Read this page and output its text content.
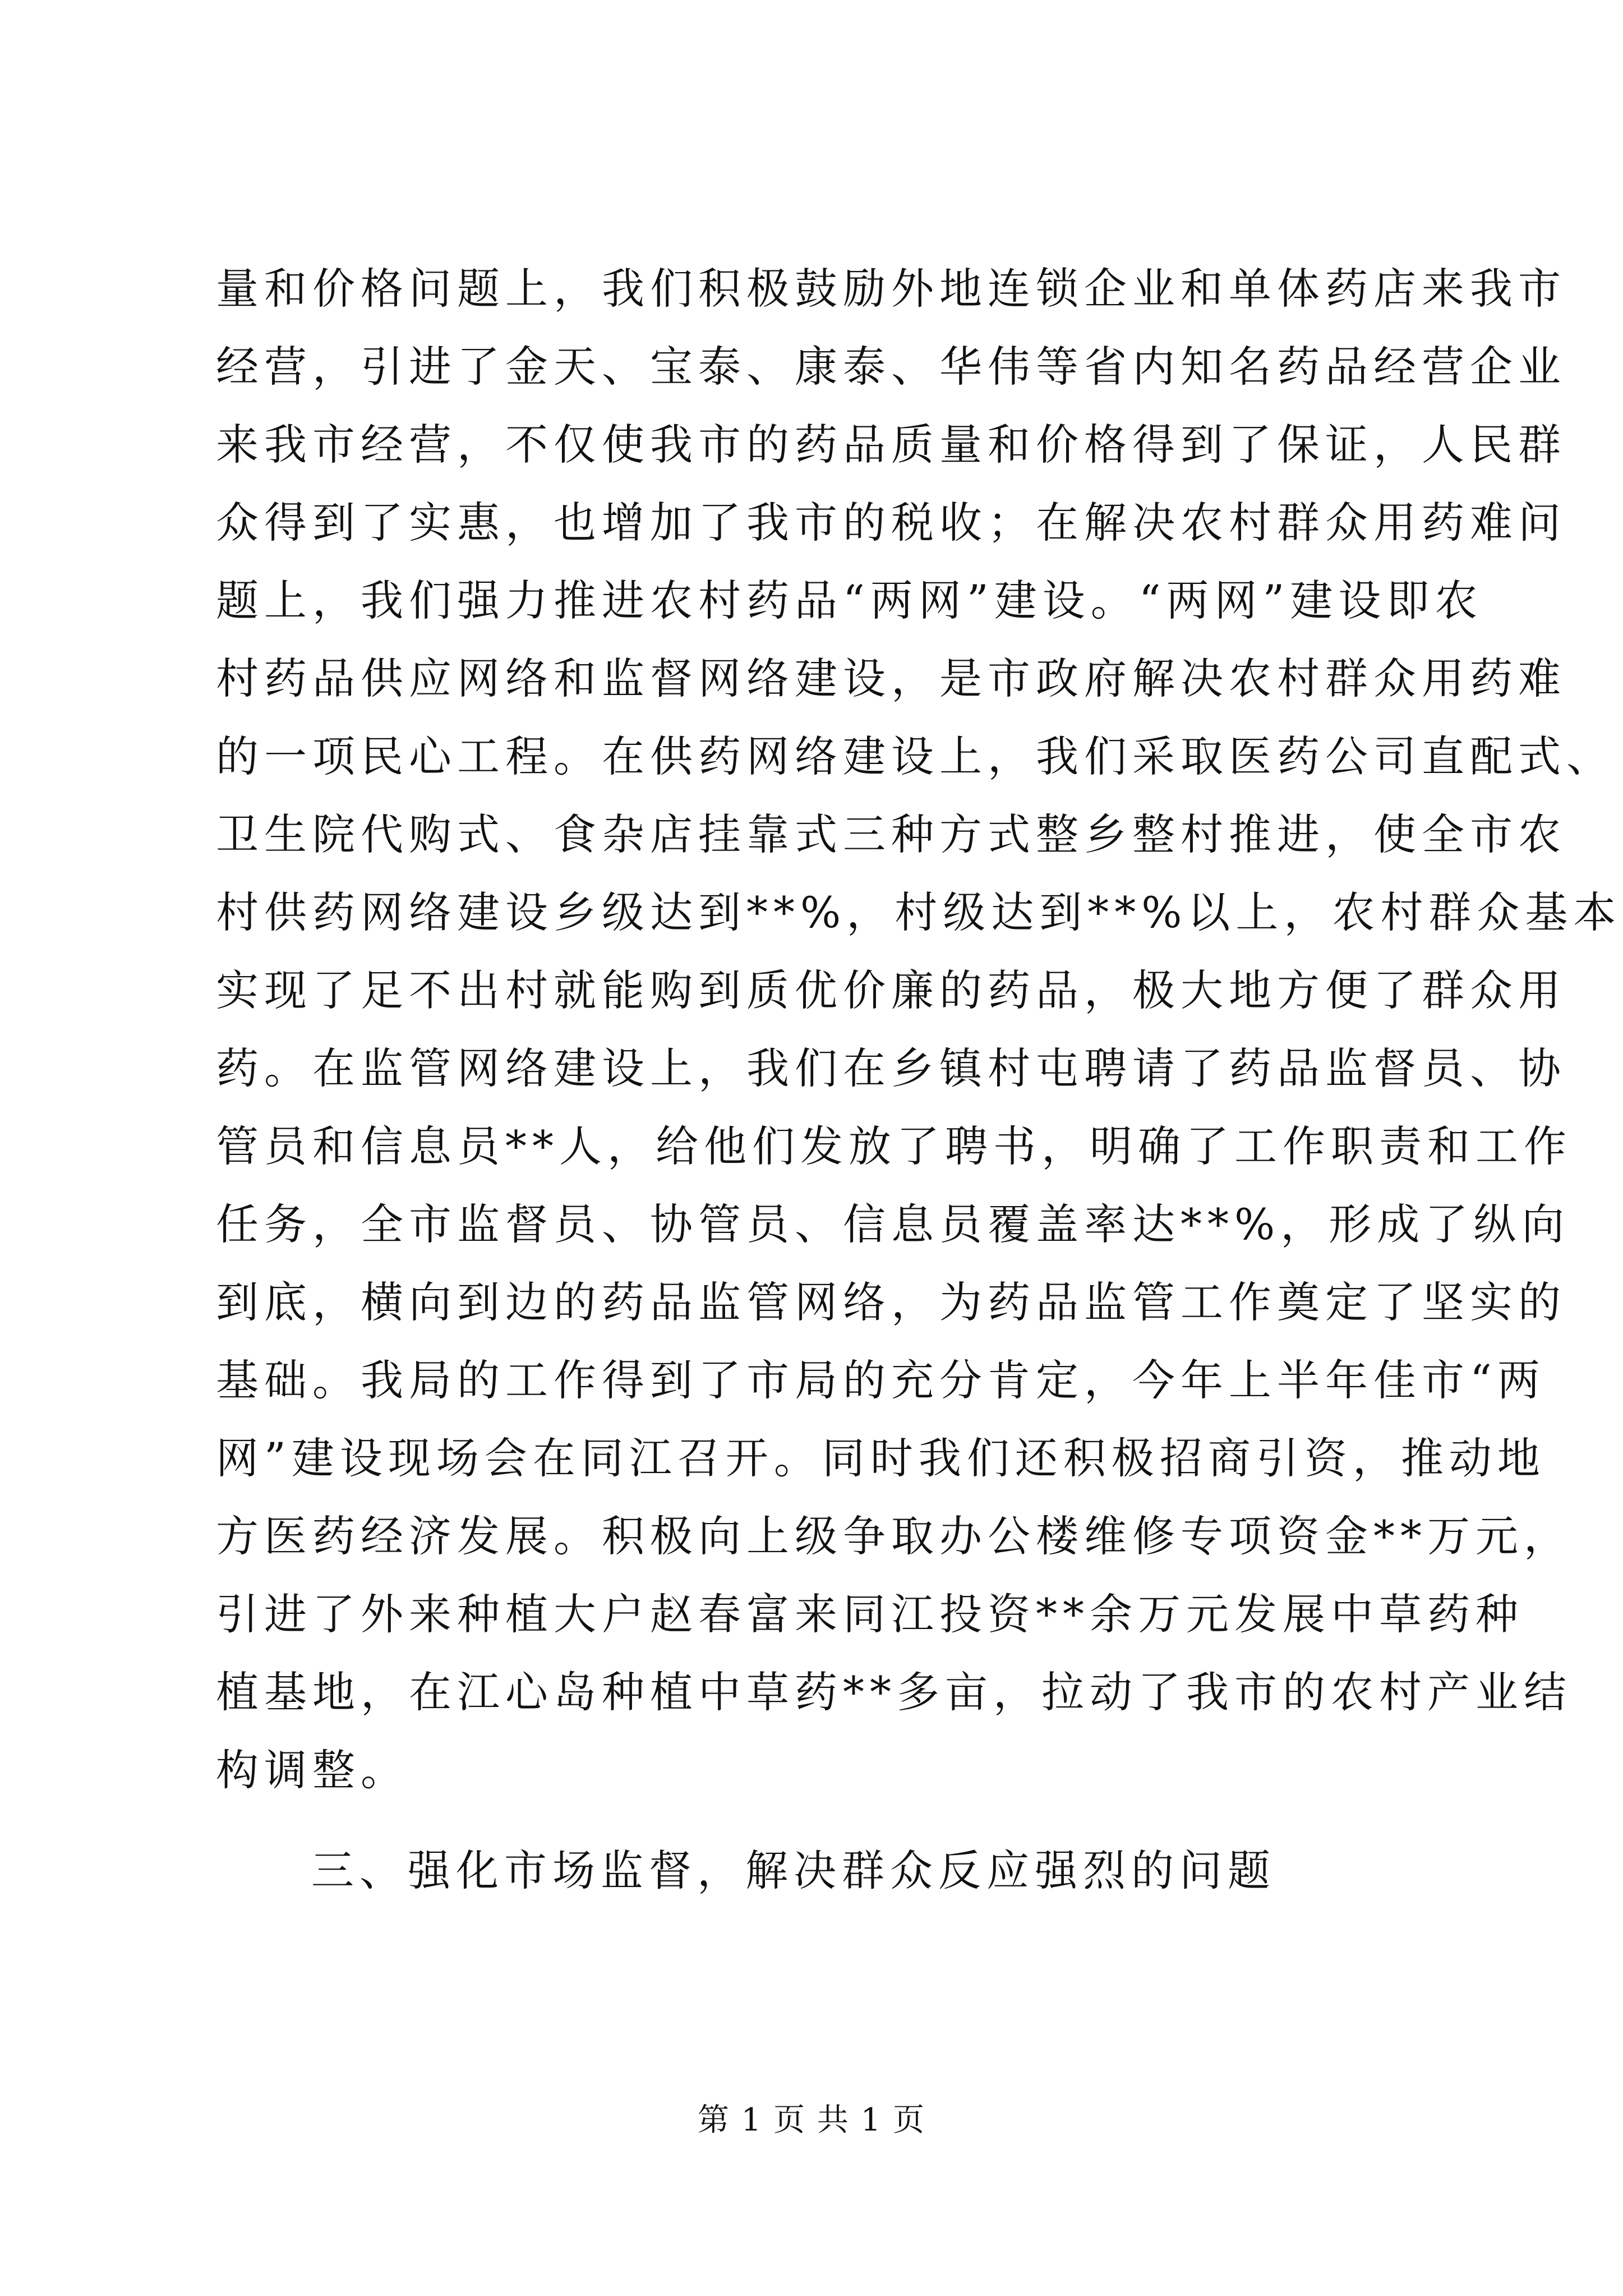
量和价格问题上，我们积极鼓励外地连锁企业和单体药店来我市
经营，引进了金天、宝泰、康泰、华伟等省内知名药品经营企业
来我市经营，不仅使我市的药品质量和价格得到了保证，人民群
众得到了实惠，也增加了我市的税收；在解决农村群众用药难问
题上，我们强力推进农村药品“两网”建设。“两网”建设即农
村药品供应网络和监督网络建设，是市政府解决农村群众用药难
的一项民心工程。在供药网络建设上，我们采取医药公司直配式、
卫生院代购式、食杂店挂靠式三种方式整乡整村推进，使全市农
村供药网络建设乡级达到**%，村级达到**%以上，农村群众基本
实现了足不出村就能购到质优价廉的药品，极大地方便了群众用
药。在监管网络建设上，我们在乡镇村屯聘请了药品监督员、协
管员和信息员**人，给他们发放了聘书，明确了工作职责和工作
任务，全市监督员、协管员、信息员覆盖率达**%，形成了纵向
到底，横向到边的药品监管网络，为药品监管工作奠定了坚实的
基础。我局的工作得到了市局的充分肯定，今年上半年佳市“两
网”建设现场会在同江召开。同时我们还积极招商引资，推动地
方医药经济发展。积极向上级争取办公楼维修专项资金**万元，
引进了外来种植大户赵春富来同江投资**余万元发展中草药种
植基地，在江心岛种植中草药**多亩，拉动了我市的农村产业结
构调整。
三、强化市场监督，解决群众反应强烈的问题
第 1 页 共 1 页
